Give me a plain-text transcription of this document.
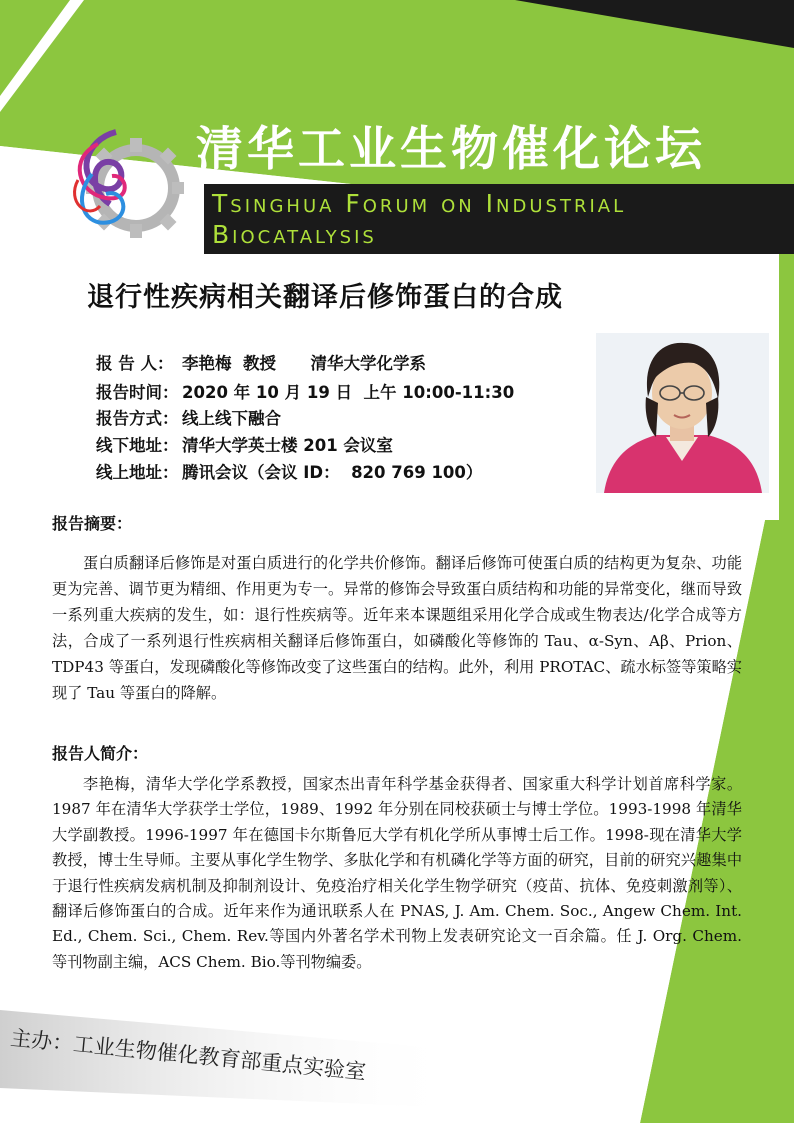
清华工业生物催化论坛
Tsinghua Forum on Industrial
Biocatalysis
退行性疾病相关翻译后修饰蛋白的合成
报 告 人： 李艳梅  教授      清华大学化学系
报告时间： 2020 年 10 月 19 日  上午 10:00-11:30
报告方式： 线上线下融合
线下地址： 清华大学英士楼 201 会议室
线上地址： 腾讯会议（会议 ID：  820 769 100）
报告摘要：
蛋白质翻译后修饰是对蛋白质进行的化学共价修饰。翻译后修饰可使蛋白质的结构更为复杂、功能更为完善、调节更为精细、作用更为专一。异常的修饰会导致蛋白质结构和功能的异常变化，继而导致一系列重大疾病的发生，如：退行性疾病等。近年来本课题组采用化学合成或生物表达/化学合成等方法，合成了一系列退行性疾病相关翻译后修饰蛋白，如磷酸化等修饰的 Tau、α-Syn、Aβ、Prion、TDP43 等蛋白，发现磷酸化等修饰改变了这些蛋白的结构。此外，利用 PROTAC、疏水标签等策略实现了 Tau 等蛋白的降解。
报告人简介：
李艳梅，清华大学化学系教授，国家杰出青年科学基金获得者、国家重大科学计划首席科学家。1987 年在清华大学获学士学位，1989、1992 年分别在同校获硕士与博士学位。1993-1998 年清华大学副教授。1996-1997 年在德国卡尔斯鲁厄大学有机化学所从事博士后工作。1998-现在清华大学教授，博士生导师。主要从事化学生物学、多肽化学和有机磷化学等方面的研究，目前的研究兴趣集中于退行性疾病发病机制及抑制剂设计、免疫治疗相关化学生物学研究（疫苗、抗体、免疫刺激剂等）、翻译后修饰蛋白的合成。近年来作为通讯联系人在 PNAS, J. Am. Chem. Soc., Angew Chem. Int. Ed., Chem. Sci., Chem. Rev.等国内外著名学术刊物上发表研究论文一百余篇。任 J. Org. Chem. 等刊物副主编，ACS Chem. Bio.等刊物编委。
主办：工业生物催化教育部重点实验室
